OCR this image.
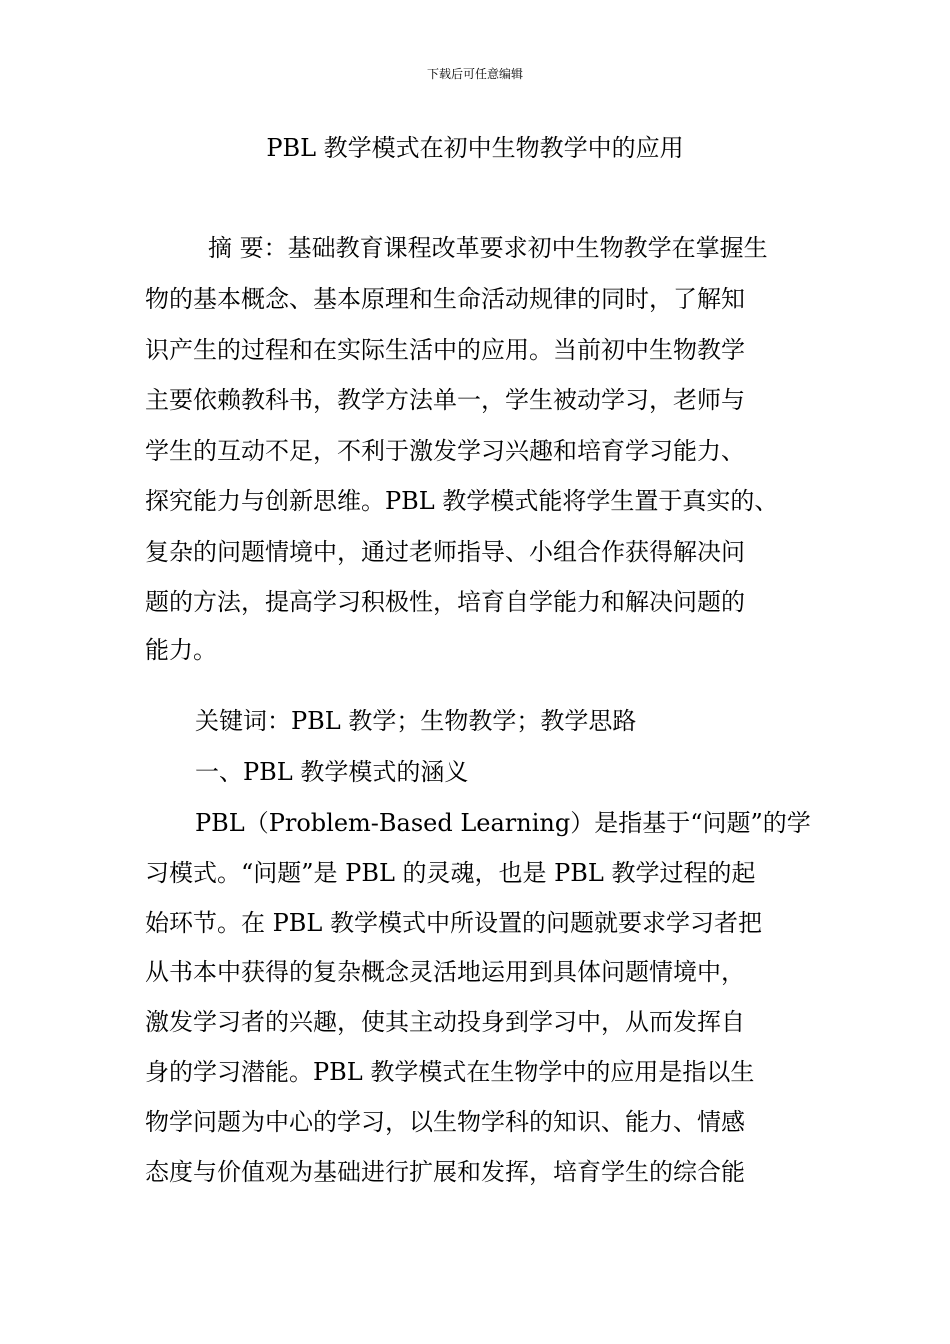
下载后可任意编辑
PBL 教学模式在初中生物教学中的应用
摘 要：基础教育课程改革要求初中生物教学在掌握生
物的基本概念、基本原理和生命活动规律的同时，了解知
识产生的过程和在实际生活中的应用。当前初中生物教学
主要依赖教科书，教学方法单一，学生被动学习，老师与
学生的互动不足，不利于激发学习兴趣和培育学习能力、
探究能力与创新思维。PBL 教学模式能将学生置于真实的、
复杂的问题情境中，通过老师指导、小组合作获得解决问
题的方法，提高学习积极性，培育自学能力和解决问题的
能力。
关键词：PBL 教学；生物教学；教学思路
一、PBL 教学模式的涵义
PBL（Problem-Based Learning）是指基于“问题”的学
习模式。“问题”是 PBL 的灵魂，也是 PBL 教学过程的起
始环节。在 PBL 教学模式中所设置的问题就要求学习者把
从书本中获得的复杂概念灵活地运用到具体问题情境中，
激发学习者的兴趣，使其主动投身到学习中，从而发挥自
身的学习潜能。PBL 教学模式在生物学中的应用是指以生
物学问题为中心的学习，以生物学科的知识、能力、情感
态度与价值观为基础进行扩展和发挥，培育学生的综合能
